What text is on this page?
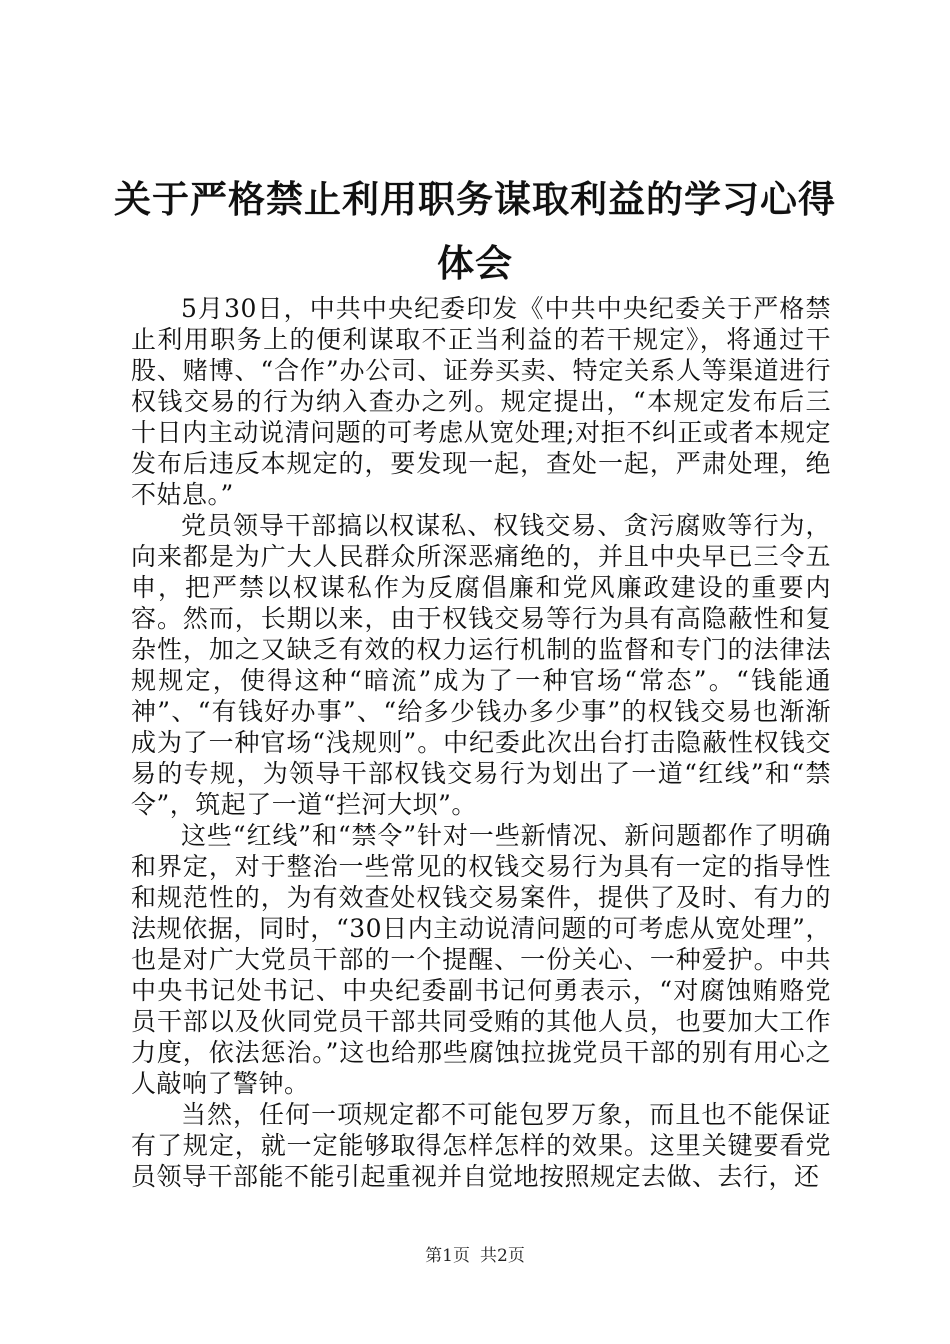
关于严格禁止利用职务谋取利益的学习心得体会

5月30日，中共中央纪委印发《中共中央纪委关于严格禁止利用职务上的便利谋取不正当利益的若干规定》，将通过干股、赌博、“合作”办公司、证券买卖、特定关系人等渠道进行权钱交易的行为纳入查办之列。规定提出，“本规定发布后三十日内主动说清问题的可考虑从宽处理;对拒不纠正或者本规定发布后违反本规定的，要发现一起，查处一起，严肃处理，绝不姑息。”

党员领导干部搞以权谋私、权钱交易、贪污腐败等行为，向来都是为广大人民群众所深恶痛绝的，并且中央早已三令五申，把严禁以权谋私作为反腐倡廉和党风廉政建设的重要内容。然而，长期以来，由于权钱交易等行为具有高隐蔽性和复杂性，加之又缺乏有效的权力运行机制的监督和专门的法律法规规定，使得这种“暗流”成为了一种官场“常态”。“钱能通神”、“有钱好办事”、“给多少钱办多少事”的权钱交易也渐渐成为了一种官场“浅规则”。中纪委此次出台打击隐蔽性权钱交易的专规，为领导干部权钱交易行为划出了一道“红线”和“禁令”，筑起了一道“拦河大坝”。

这些“红线”和“禁令”针对一些新情况、新问题都作了明确和界定，对于整治一些常见的权钱交易行为具有一定的指导性和规范性的，为有效查处权钱交易案件，提供了及时、有力的法规依据，同时，“30日内主动说清问题的可考虑从宽处理”，也是对广大党员干部的一个提醒、一份关心、一种爱护。中共中央书记处书记、中央纪委副书记何勇表示，“对腐蚀贿赂党员干部以及伙同党员干部共同受贿的其他人员，也要加大工作力度，依法惩治。”这也给那些腐蚀拉拢党员干部的别有用心之人敲响了警钟。

当然，任何一项规定都不可能包罗万象，而且也不能保证有了规定，就一定能够取得怎样怎样的效果。这里关键要看党员领导干部能不能引起重视并自觉地按照规定去做、去行，还

第1页 共2页
